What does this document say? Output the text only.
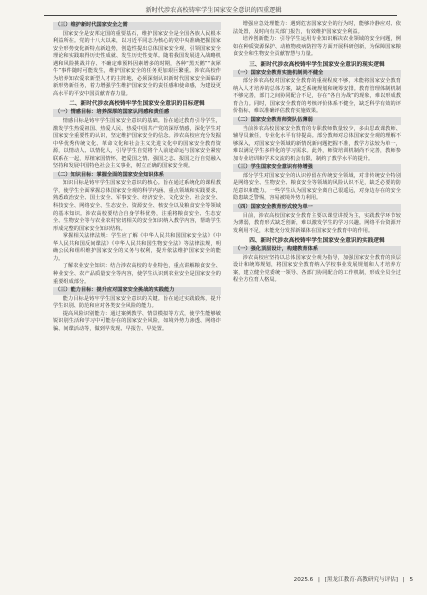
新时代涉农高校铸牢学生国家安全意识的四重逻辑
（三）维护新时代国家安全之需

国家安全是安邦定国的重要基石，维护国家安全是全国各族人民根本利益所在。党的十八大以来，以习近平同志为核心的党中央准确把握国家安全形势变化新特点新趋势，创造性提出总体国家安全观，引领国家安全理论和实践取得历史性成就、发生历史性变革。随着我国发展进入战略机遇和风险挑战并存、不确定难预料因素增多的时期，各种“黑天鹅”“灰犀牛”事件随时可能发生，维护国家安全的任务更加艰巨繁重。涉农高校作为培养知农爱农新型人才的主阵地，必须深刻认识新时代国家安全面临的新形势新任务，着力增强学生维护国家安全的责任感和使命感，为建设更高水平的平安中国贡献青春力量。

二、新时代涉农高校铸牢学生国家安全意识的目标逻辑
（一）情感目标：培养深厚的国家认同感和责任感

情感目标是铸牢学生国家安全意识的基础。旨在通过教育引导学生，激发学生热爱祖国、热爱人民、热爱中国共产党的深厚情感，深化学生对国家安全重要性的认识，坚定维护国家安全的信念。涉农高校应充分发掘中华优秀传统文化、革命文化和社会主义先进文化中的国家安全教育资源，以情动人、以情化人，引导学生自觉将个人前途命运与国家安全紧密联系在一起，厚植家国情怀，把爱国之情、强国之志、报国之行自觉融入坚持和发展中国特色社会主义事业，树立正确的国家安全观。

（二）知识目标：掌握全面的国家安全知识体系

知识目标是铸牢学生国家安全意识的核心。旨在通过系统化的课程教学，使学生全面掌握总体国家安全观的科学内涵、重点领域和实践要求，熟悉政治安全、国土安全、军事安全、经济安全、文化安全、社会安全、科技安全、网络安全、生态安全、资源安全、核安全以及粮食安全等领域的基本知识。涉农高校要结合自身学科优势，注重将粮食安全、生态安全、生物安全等与农业农村密切相关的安全知识纳入教学内容，帮助学生形成完整的国家安全知识结构。

掌握相关法律法规：学生应了解《中华人民共和国国家安全法》《中华人民共和国反间谍法》《中华人民共和国生物安全法》等法律法规，明确公民和组织维护国家安全的义务与权利，提升依法维护国家安全的能力。

了解农业安全知识：结合涉农高校的专业特色，重点讲解粮食安全、种业安全、农产品质量安全等内容，使学生认识到农业安全是国家安全的重要组成部分。

（三）能力目标：提升应对国家安全挑战的实践能力

能力目标是铸牢学生国家安全意识的关键。旨在通过实践锻炼，提升学生识别、防范和应对各类安全风险的能力。

提高风险识别能力：通过案例教学、情景模拟等方式，使学生能够敏锐识别生活和学习中可能存在的国家安全风险，如境外势力渗透、网络诈骗、间谍活动等，做到早发现、早报告、早处置。

增强应急处理能力：遇到危害国家安全的行为时，能够冷静应对、依法处置，及时向有关部门报告，有效维护国家安全利益。

培养创新能力：引导学生运用专业知识解决农业领域的安全问题，例如在种质资源保护、动植物疫病防控等方面开展科研创新，为保障国家粮食安全和生物安全贡献智慧与力量。

三、新时代涉农高校铸牢学生国家安全意识的现实逻辑
（一）国家安全教育实施机制尚不健全

部分涉农高校对国家安全教育的重视程度不够，未能将国家安全教育纳入人才培养的总体方案，缺乏系统规划和统筹安排。教育管理体制机制不够完善，部门之间协同配合不足，存在“各自为战”的现象，难以形成教育合力。同时，国家安全教育的考核评价体系不健全，缺乏科学有效的评价指标，难以准确评估教育实施效果。

（二）国家安全教育师资队伍薄弱

当前涉农高校国家安全教育的专职教师数量较少，多由思政课教师、辅导员兼任，专业化水平有待提高。部分教师对总体国家安全观的理解不够深入，对国家安全领域的新情况新问题把握不准，教学方法较为单一，难以满足学生多样化的学习需求。此外，师资培训机制尚不完善，教师参加专业培训和学术交流的机会有限，制约了教学水平的提升。

（三）学生国家安全意识有待增强

部分学生对国家安全的认识停留在传统安全领域，对非传统安全特别是网络安全、生物安全、粮食安全等领域的风险认识不足，缺乏必要的防范意识和能力。一些学生认为国家安全离自己很遥远，对身边存在的安全隐患缺乏警惕，容易被境外势力利用。

（四）国家安全教育形式较为单一

目前，涉农高校国家安全教育主要以课堂讲授为主，实践教学环节较为薄弱，教育形式缺乏创新，难以激发学生的学习兴趣。网络平台资源开发利用不足，未能充分发挥新媒体在国家安全教育中的作用。

四、新时代涉农高校铸牢学生国家安全意识的实践逻辑
（一）强化顶层设计，构建教育体系

涉农高校应坚持以总体国家安全观为指导，加强国家安全教育的顶层设计和统筹规划，将国家安全教育纳入学校事业发展规划和人才培养方案，建立健全党委统一领导、各部门协同配合的工作机制，形成全员全过程全方位育人格局。

2025.6 | [黑龙江教育·高教研究与评估] | 5
